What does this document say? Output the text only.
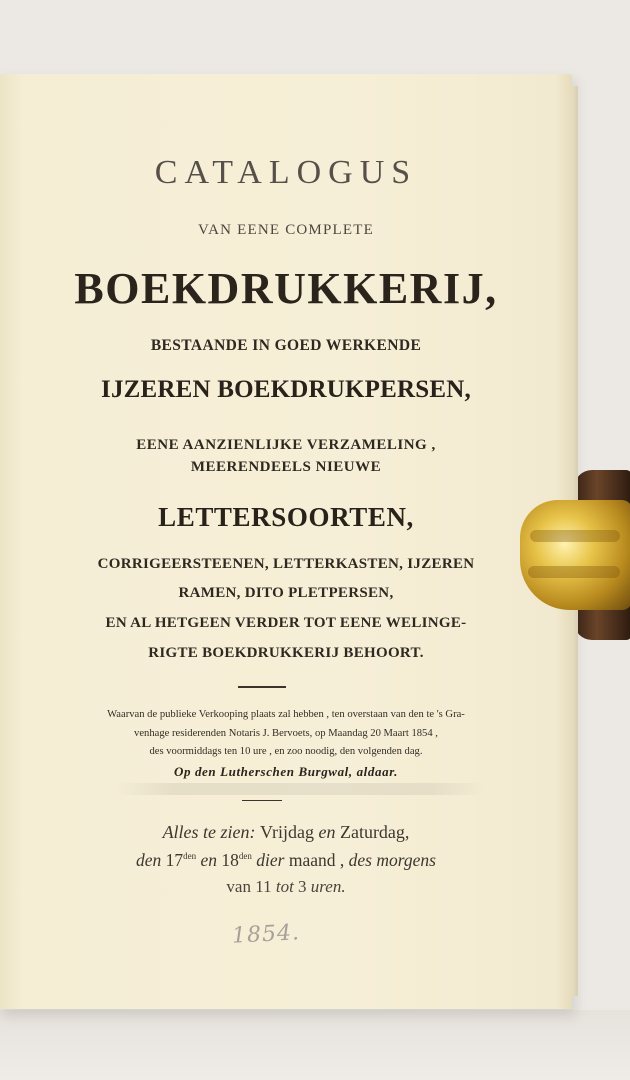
CATALOGUS
VAN EENE COMPLETE
BOEKDRUKKERIJ,
BESTAANDE IN GOED WERKENDE
IJZEREN BOEKDRUKPERSEN,
EENE AANZIENLIJKE VERZAMELING ,
MEERENDEELS NIEUWE
LETTERSOORTEN,
CORRIGEERSTEENEN, LETTERKASTEN, IJZEREN
RAMEN, DITO PLETPERSEN,
EN AL HETGEEN VERDER TOT EENE WELINGE-
RIGTE BOEKDRUKKERIJ BEHOORT.
Waarvan de publieke Verkooping plaats zal hebben , ten overstaan van den te 's Gra-
venhage residerenden Notaris J. Bervoets, op Maandag 20 Maart 1854 ,
des voormiddags ten 10 ure , en zoo noodig, den volgenden dag.
Op den Lutherschen Burgwal, aldaar.
Alles te zien: Vrijdag en Zaturdag,
den $17^{den}$ en $18^{den}$ dier maand , des morgens
van 11 tot 3 uren.
1854.
